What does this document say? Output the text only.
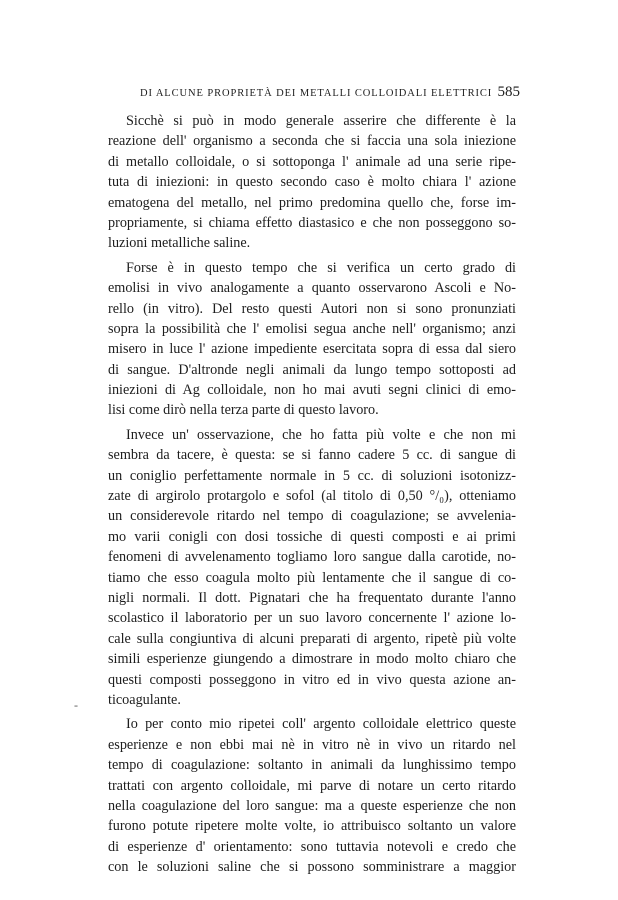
DI ALCUNE PROPRIETÀ DEI METALLI COLLOIDALI ELETTRICI 585
-
Sicchè si può in modo generale asserire che differente è la
reazione dell' organismo a seconda che si faccia una sola iniezione
di metallo colloidale, o si sottoponga l' animale ad una serie ripe-
tuta di iniezioni: in questo secondo caso è molto chiara l' azione
ematogena del metallo, nel primo predomina quello che, forse im-
propriamente, si chiama effetto diastasico e che non posseggono so-
luzioni metalliche saline.
Forse è in questo tempo che si verifica un certo grado di
emolisi in vivo analogamente a quanto osservarono Ascoli e No-
rello (in vitro). Del resto questi Autori non si sono pronunziati
sopra la possibilità che l' emolisi segua anche nell' organismo; anzi
misero in luce l' azione impediente esercitata sopra di essa dal siero
di sangue. D'altronde negli animali da lungo tempo sottoposti ad
iniezioni di Ag colloidale, non ho mai avuti segni clinici di emo-
lisi come dirò nella terza parte di questo lavoro.
Invece un' osservazione, che ho fatta più volte e che non mi
sembra da tacere, è questa: se si fanno cadere 5 cc. di sangue di
un coniglio perfettamente normale in 5 cc. di soluzioni isotonizz-
zate di argirolo protargolo e sofol (al titolo di 0,50 °/₀), otteniamo
un considerevole ritardo nel tempo di coagulazione; se avvelenia-
mo varii conigli con dosi tossiche di questi composti e ai primi
fenomeni di avvelenamento togliamo loro sangue dalla carotide, no-
tiamo che esso coagula molto più lentamente che il sangue di co-
nigli normali. Il dott. Pignatari che ha frequentato durante l'anno
scolastico il laboratorio per un suo lavoro concernente l' azione lo-
cale sulla congiuntiva di alcuni preparati di argento, ripetè più volte
simili esperienze giungendo a dimostrare in modo molto chiaro che
questi composti posseggono in vitro ed in vivo questa azione an-
ticoagulante.
Io per conto mio ripetei coll' argento colloidale elettrico queste
esperienze e non ebbi mai nè in vitro nè in vivo un ritardo nel
tempo di coagulazione: soltanto in animali da lunghissimo tempo
trattati con argento colloidale, mi parve di notare un certo ritardo
nella coagulazione del loro sangue: ma a queste esperienze che non
furono potute ripetere molte volte, io attribuisco soltanto un valore
di esperienze d' orientamento: sono tuttavia notevoli e credo che
con le soluzioni saline che si possono somministrare a maggior
